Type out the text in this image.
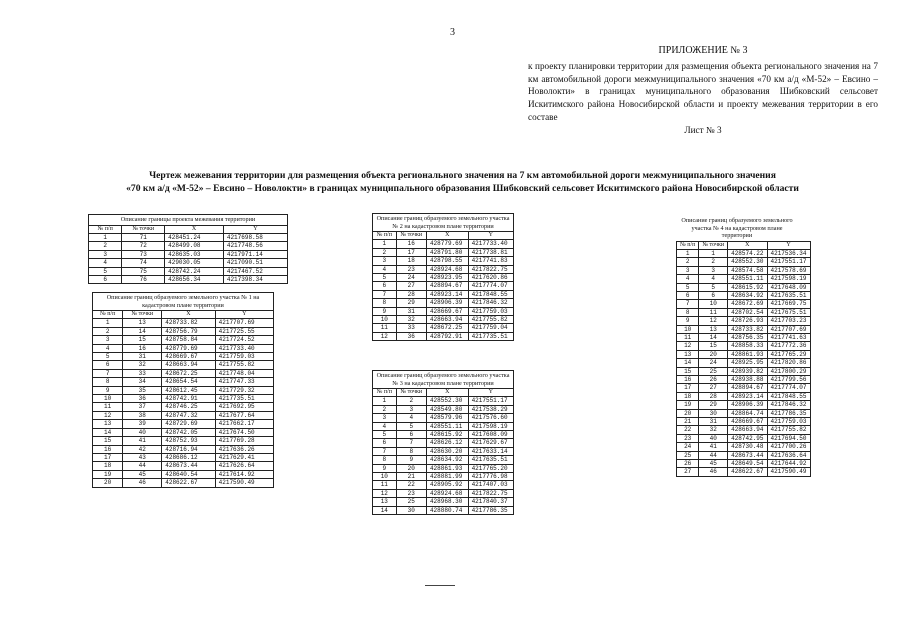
3
ПРИЛОЖЕНИЕ № 3
к проекту планировки территории для размещения объекта регионального значения на 7 км автомобильной дороги межмуниципального значения «70 км а/д «М-52» – Евсино – Новолокти» в границах муниципального образования Шибковский сельсовет Искитимского района Новосибирской области и проекту межевания территории в его составе
Лист № 3
Чертеж межевания территории для размещения объекта регионального значения на 7 км автомобильной дороги межмуниципального значения
«70 км а/д «М-52» – Евсино – Новолокти» в границах муниципального образования Шибковский сельсовет Искитимского района Новосибирской области
Описание границы проекта межевания территории
№ п/п	№ точки	X	Y
1	71	428451.24	4217698.58
2	72	428499.08	4217748.56
3	73	428635.03	4217971.14
4	74	429030.05	4217090.51
5	75	428742.24	4217467.52
6	76	428656.34	4217398.34
Описание границ образуемого земельного участка № 1 на кадастровом плане территории
№ п/п	№ точки	X	Y
1	13	428733.82	4217707.69
2	14	428756.79	4217725.55
3	15	428758.84	4217724.52
4	16	428779.69	4217733.40
5	31	428669.67	4217759.03
6	32	428663.94	4217755.82
7	33	428672.25	4217748.04
8	34	428654.54	4217747.33
9	35	428612.45	4217729.32
10	36	428742.91	4217735.51
11	37	428746.25	4217692.95
12	38	428747.32	4217677.64
13	39	428729.69	4217662.17
14	40	428742.05	4217674.50
15	41	428752.93	4217769.28
16	42	428716.94	4217636.26
17	43	428686.12	4217629.41
18	44	428673.44	4217626.64
19	45	428640.54	4217614.92
20	46	428622.67	4217590.49
Описание границ образуемого земельного участка № 2 на кадастровом плане территории
№ п/п	№ точки	X	Y
1	16	428779.69	4217733.40
2	17	428791.80	4217738.81
3	18	428798.55	4217741.83
4	23	428924.68	4217822.75
5	24	428923.95	4217620.86
6	27	428894.67	4217774.07
7	28	428923.14	4217848.55
8	29	428906.39	4217846.32
9	31	428669.67	4217759.03
10	32	428663.94	4217755.82
11	33	428672.25	4217759.04
12	36	428792.91	4217735.51
Описание границ образуемого земельного участка № 3 на кадастровом плане территории
№ п/п	№ точки	X	Y
1	2	428552.30	4217551.17
2	3	428549.80	4217538.29
3	4	428579.96	4217576.60
4	5	428551.11	4217598.19
5	6	428615.92	4217608.09
6	7	428626.12	4217629.67
7	8	428630.20	4217633.14
8	9	428634.92	4217635.51
9	20	428861.93	4217765.20
10	21	428881.99	4217776.98
11	22	428905.92	4217407.03
12	23	428924.68	4217822.75
13	25	428968.30	4217840.37
14	30	428880.74	4217786.35
Описание границ образуемого земельного участка № 4 на кадастровом плане территории
№ п/п	№ точки	X	Y
1	1	428574.22	4217536.34
2	2	428552.30	4217551.17
3	3	428574.58	4217578.69
4	4	428551.11	4217598.19
5	5	428615.92	4217648.09
6	6	428634.92	4217635.51
7	10	428672.69	4217669.75
8	11	428702.54	4217675.51
9	12	428726.93	4217703.23
10	13	428733.82	4217707.69
11	14	428756.35	4217741.63
12	15	428858.33	4217772.36
13	20	428861.93	4217765.29
14	24	428925.95	4217820.86
15	25	428939.82	4217800.29
16	26	428938.88	4217799.56
17	27	428894.67	4217774.07
18	28	428923.14	4217848.55
19	29	428906.39	4217846.32
20	30	428864.74	4217786.35
21	31	428669.67	4217759.03
22	32	428663.94	4217755.82
23	40	428742.95	4217694.50
24	41	428730.48	4217700.26
25	44	428673.44	4217636.64
26	45	428649.54	4217644.92
27	46	428622.67	4217590.49
